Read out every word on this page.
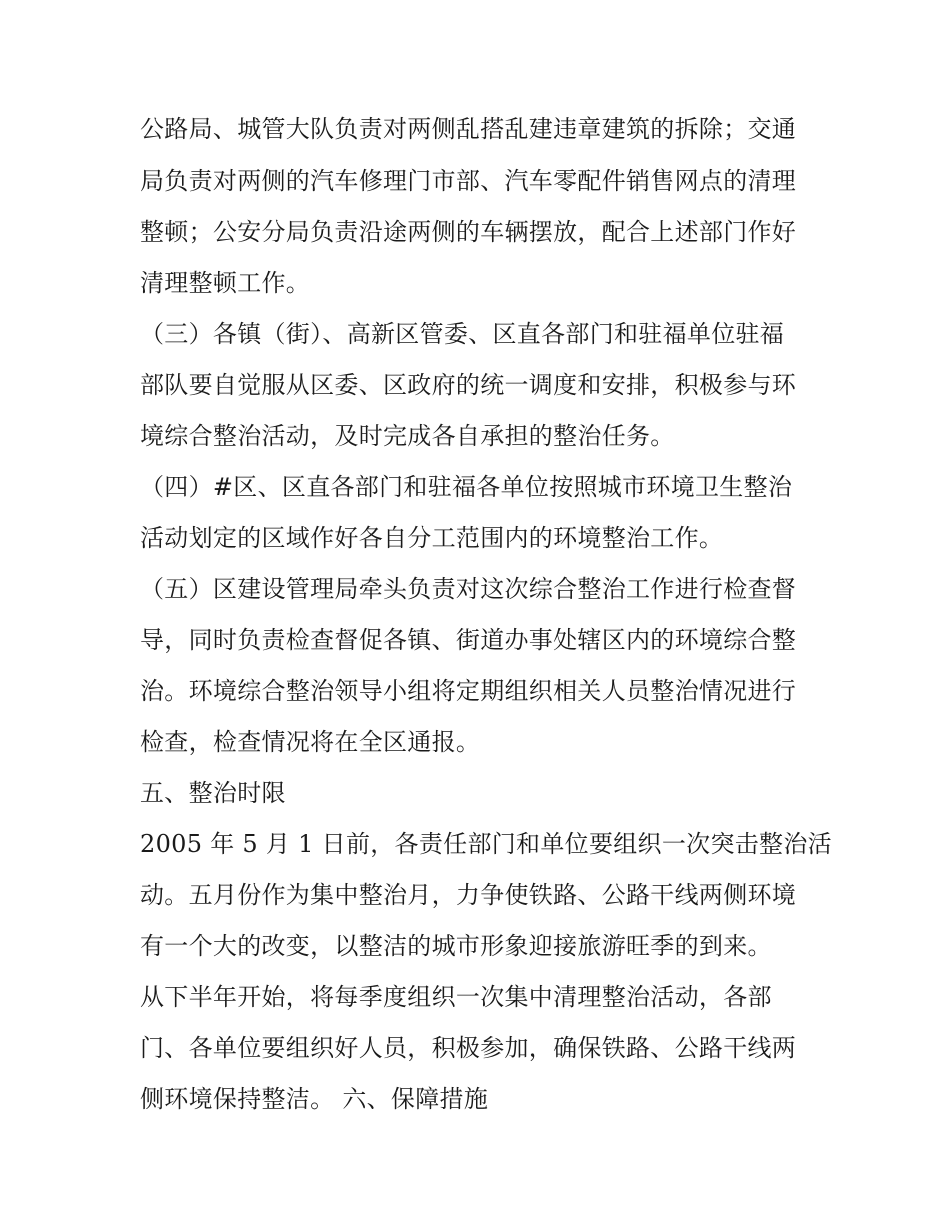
公路局、城管大队负责对两侧乱搭乱建违章建筑的拆除；交通
局负责对两侧的汽车修理门市部、汽车零配件销售网点的清理
整顿；公安分局负责沿途两侧的车辆摆放，配合上述部门作好
清理整顿工作。
（三）各镇（街）、高新区管委、区直各部门和驻福单位驻福
部队要自觉服从区委、区政府的统一调度和安排，积极参与环
境综合整治活动，及时完成各自承担的整治任务。
（四）#区、区直各部门和驻福各单位按照城市环境卫生整治
活动划定的区域作好各自分工范围内的环境整治工作。
（五）区建设管理局牵头负责对这次综合整治工作进行检查督
导，同时负责检查督促各镇、街道办事处辖区内的环境综合整
治。环境综合整治领导小组将定期组织相关人员整治情况进行
检查，检查情况将在全区通报。
五、整治时限
2005 年 5 月 1 日前，各责任部门和单位要组织一次突击整治活
动。五月份作为集中整治月，力争使铁路、公路干线两侧环境
有一个大的改变，以整洁的城市形象迎接旅游旺季的到来。
从下半年开始，将每季度组织一次集中清理整治活动，各部
门、各单位要组织好人员，积极参加，确保铁路、公路干线两
侧环境保持整洁。 六、保障措施
